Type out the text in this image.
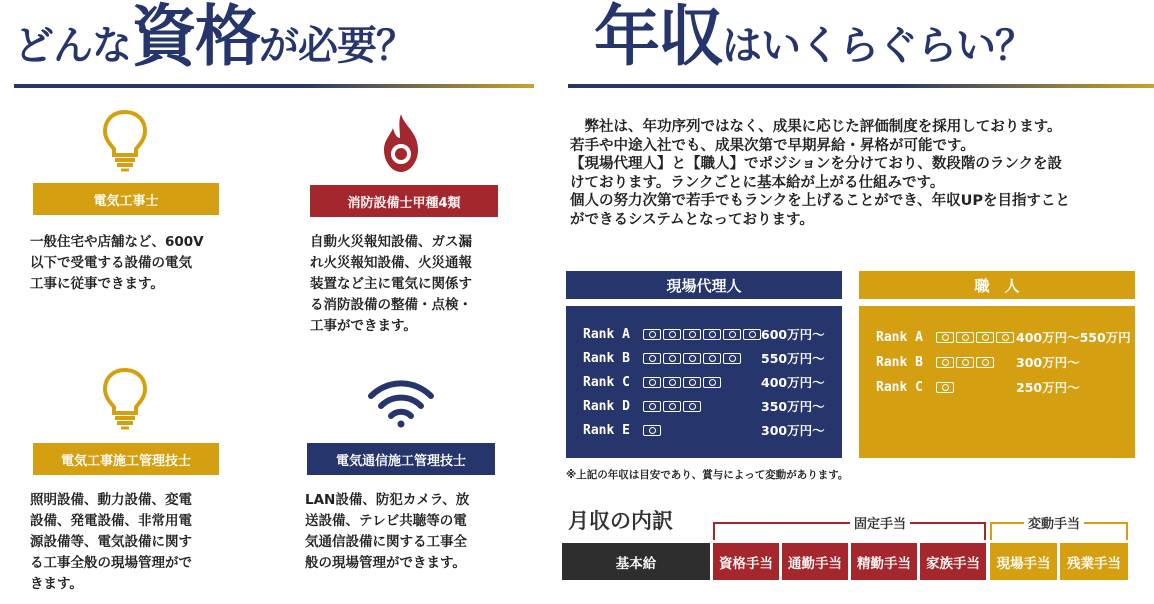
どんな資格が必要？	年収はいくらぐらい？
電気工事士
一般住宅や店舗など、600V
以下で受電する設備の電気
工事に従事できます。
消防設備士甲種4類
自動火災報知設備、ガス漏
れ火災報知設備、火災通報
装置など主に電気に関係す
る消防設備の整備・点検・
工事ができます。
電気工事施工管理技士
照明設備、動力設備、変電
設備、発電設備、非常用電
源設備等、電気設備に関す
る工事全般の現場管理がで
きます。
電気通信施工管理技士
LAN設備、防犯カメラ、放
送設備、テレビ共聴等の電
気通信設備に関する工事全
般の現場管理ができます。
　弊社は、年功序列ではなく、成果に応じた評価制度を採用しております。
若手や中途入社でも、成果次第で早期昇給・昇格が可能です。
【現場代理人】と【職人】でポジションを分けており、数段階のランクを設
けております。ランクごとに基本給が上がる仕組みです。
個人の努力次第で若手でもランクを上げることができ、年収UPを目指すこと
ができるシステムとなっております。
現場代理人
Rank A	600万円～
Rank B	550万円～
Rank C	400万円～
Rank D	350万円～
Rank E	300万円～
職　人
Rank A	400万円～550万円
Rank B	300万円～
Rank C	250万円～
※上記の年収は目安であり、賞与によって変動があります。
月収の内訳	固定手当	変動手当
基本給	資格手当	通勤手当	精勤手当	家族手当	現場手当	残業手当
